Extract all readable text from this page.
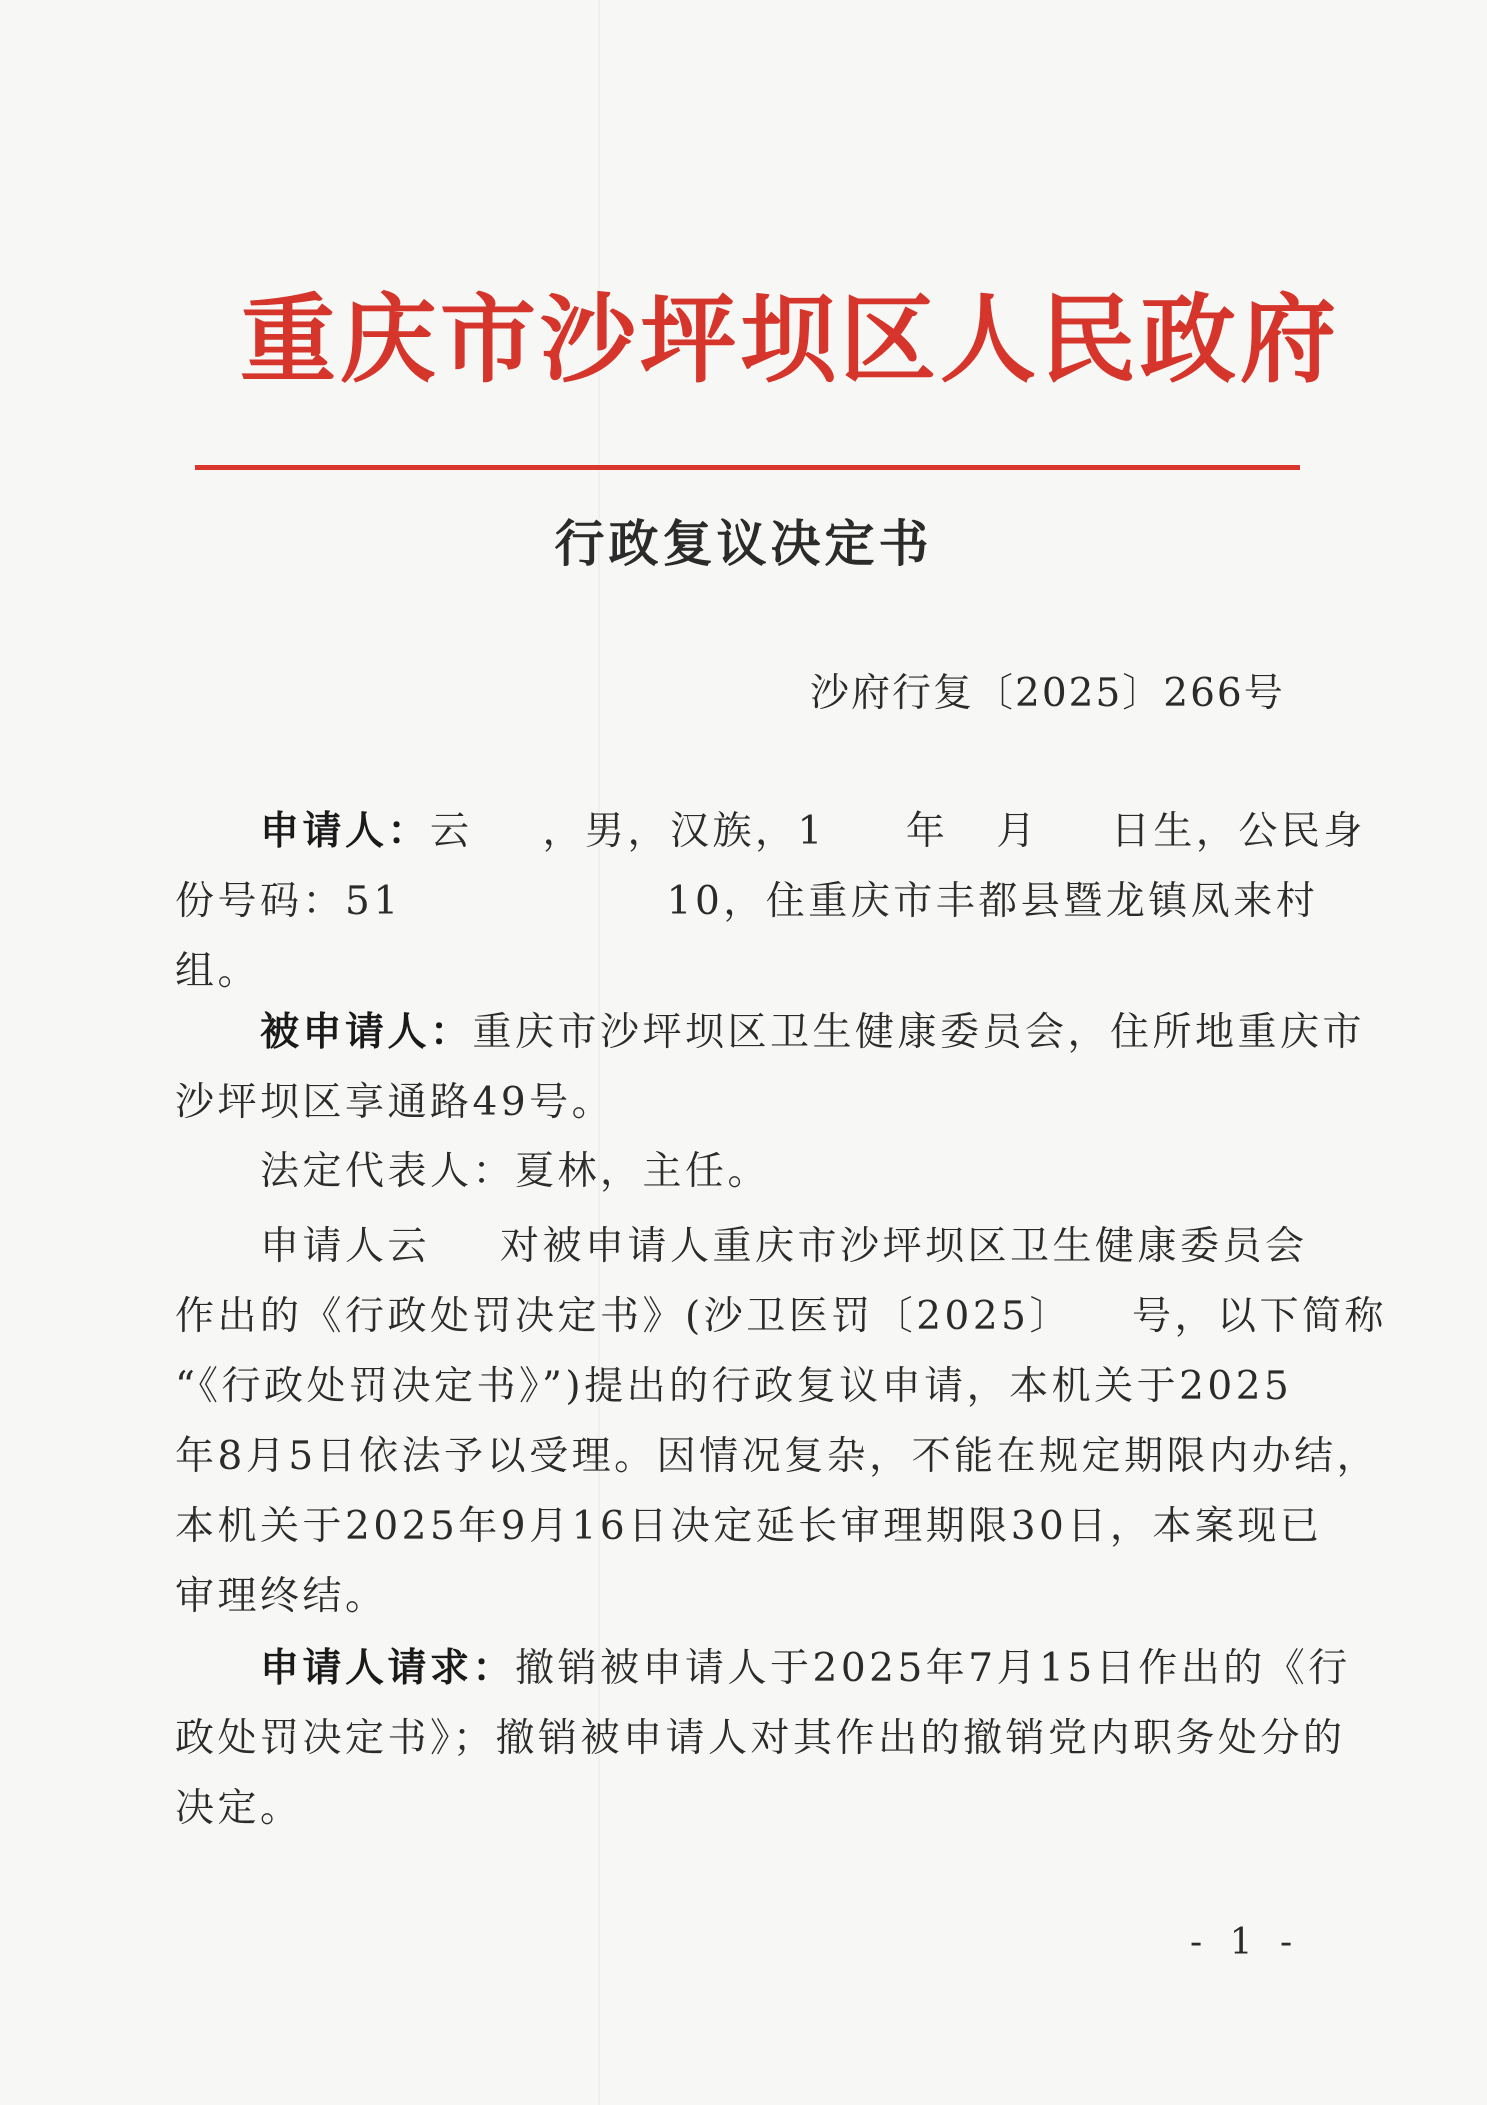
重庆市沙坪坝区人民政府
行政复议决定书
沙府行复〔2025〕266号
申请人：云 ，男，汉族，1 年 月 日生，公民身
份号码：51	10，住重庆市丰都县暨龙镇凤来村
组。
被申请人：重庆市沙坪坝区卫生健康委员会，住所地重庆市
沙坪坝区享通路49号。
法定代表人：夏林，主任。
申请人云 对被申请人重庆市沙坪坝区卫生健康委员会
作出的《行政处罚决定书》(沙卫医罚〔2025〕 号，以下简称
“《行政处罚决定书》”)提出的行政复议申请，本机关于2025
年8月5日依法予以受理。因情况复杂，不能在规定期限内办结，
本机关于2025年9月16日决定延长审理期限30日，本案现已
审理终结。
申请人请求：撤销被申请人于2025年7月15日作出的《行
政处罚决定书》；撤销被申请人对其作出的撤销党内职务处分的
决定。
- 1 -
